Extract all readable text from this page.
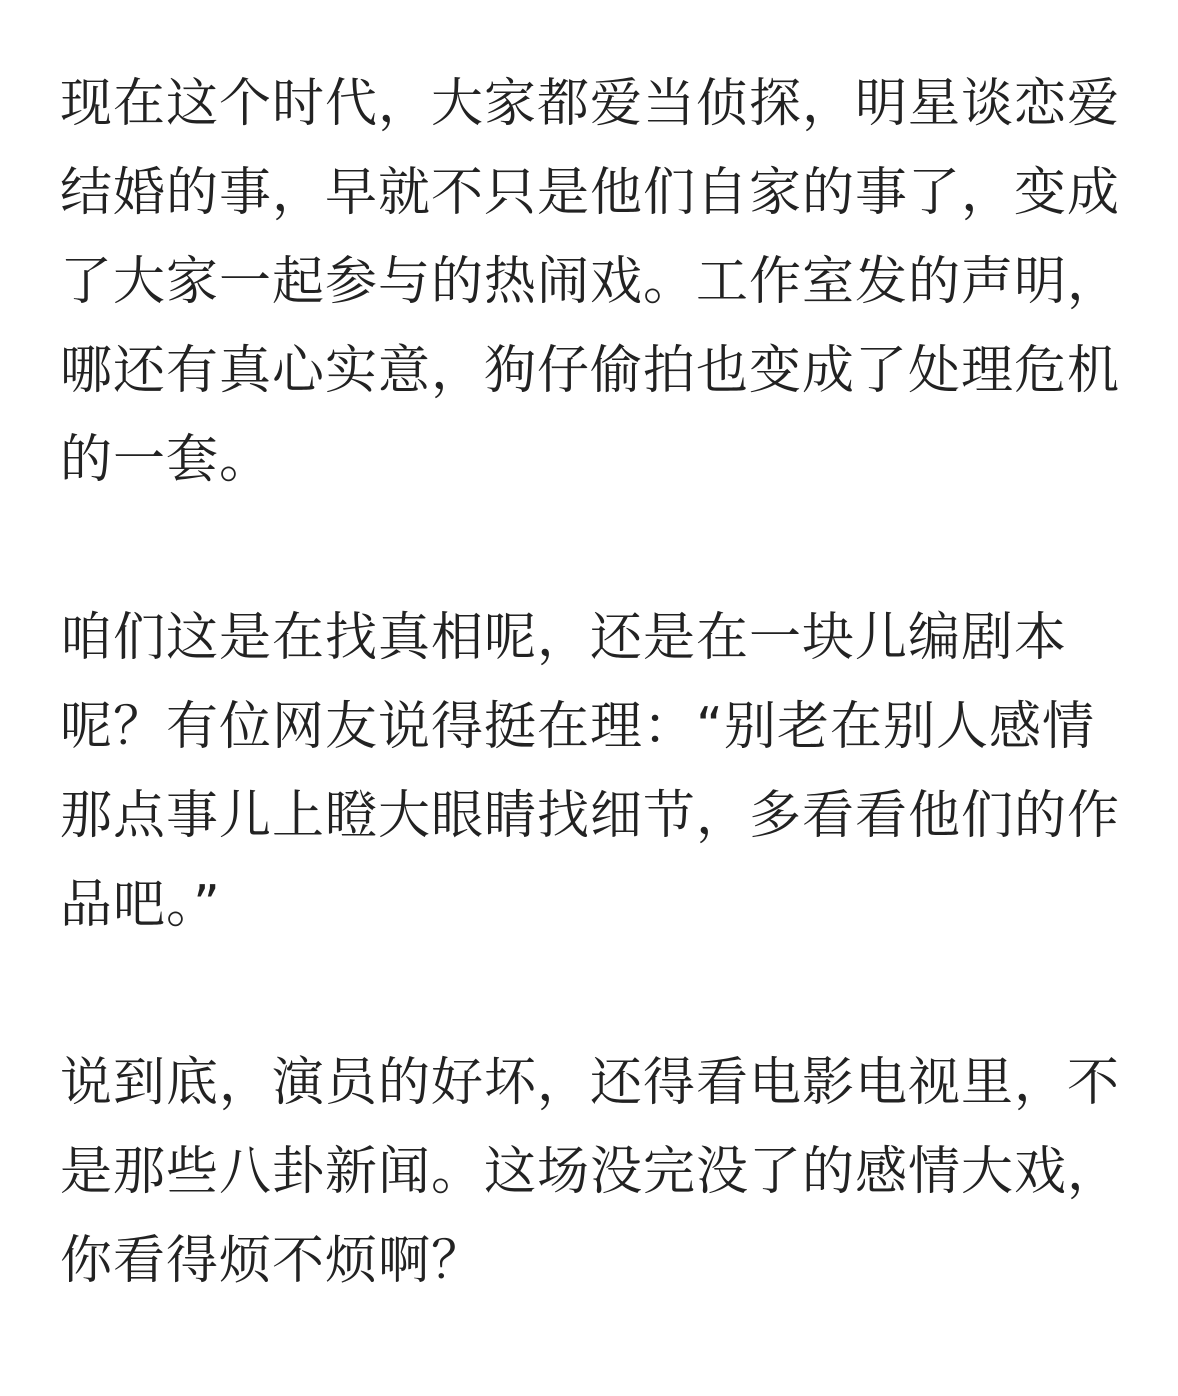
现在这个时代，大家都爱当侦探，明星谈恋爱结婚的事，早就不只是他们自家的事了，变成了大家一起参与的热闹戏。工作室发的声明，哪还有真心实意，狗仔偷拍也变成了处理危机的一套。

咱们这是在找真相呢，还是在一块儿编剧本呢？有位网友说得挺在理：“别老在别人感情那点事儿上瞪大眼睛找细节，多看看他们的作品吧。”

说到底，演员的好坏，还得看电影电视里，不是那些八卦新闻。这场没完没了的感情大戏，你看得烦不烦啊？
